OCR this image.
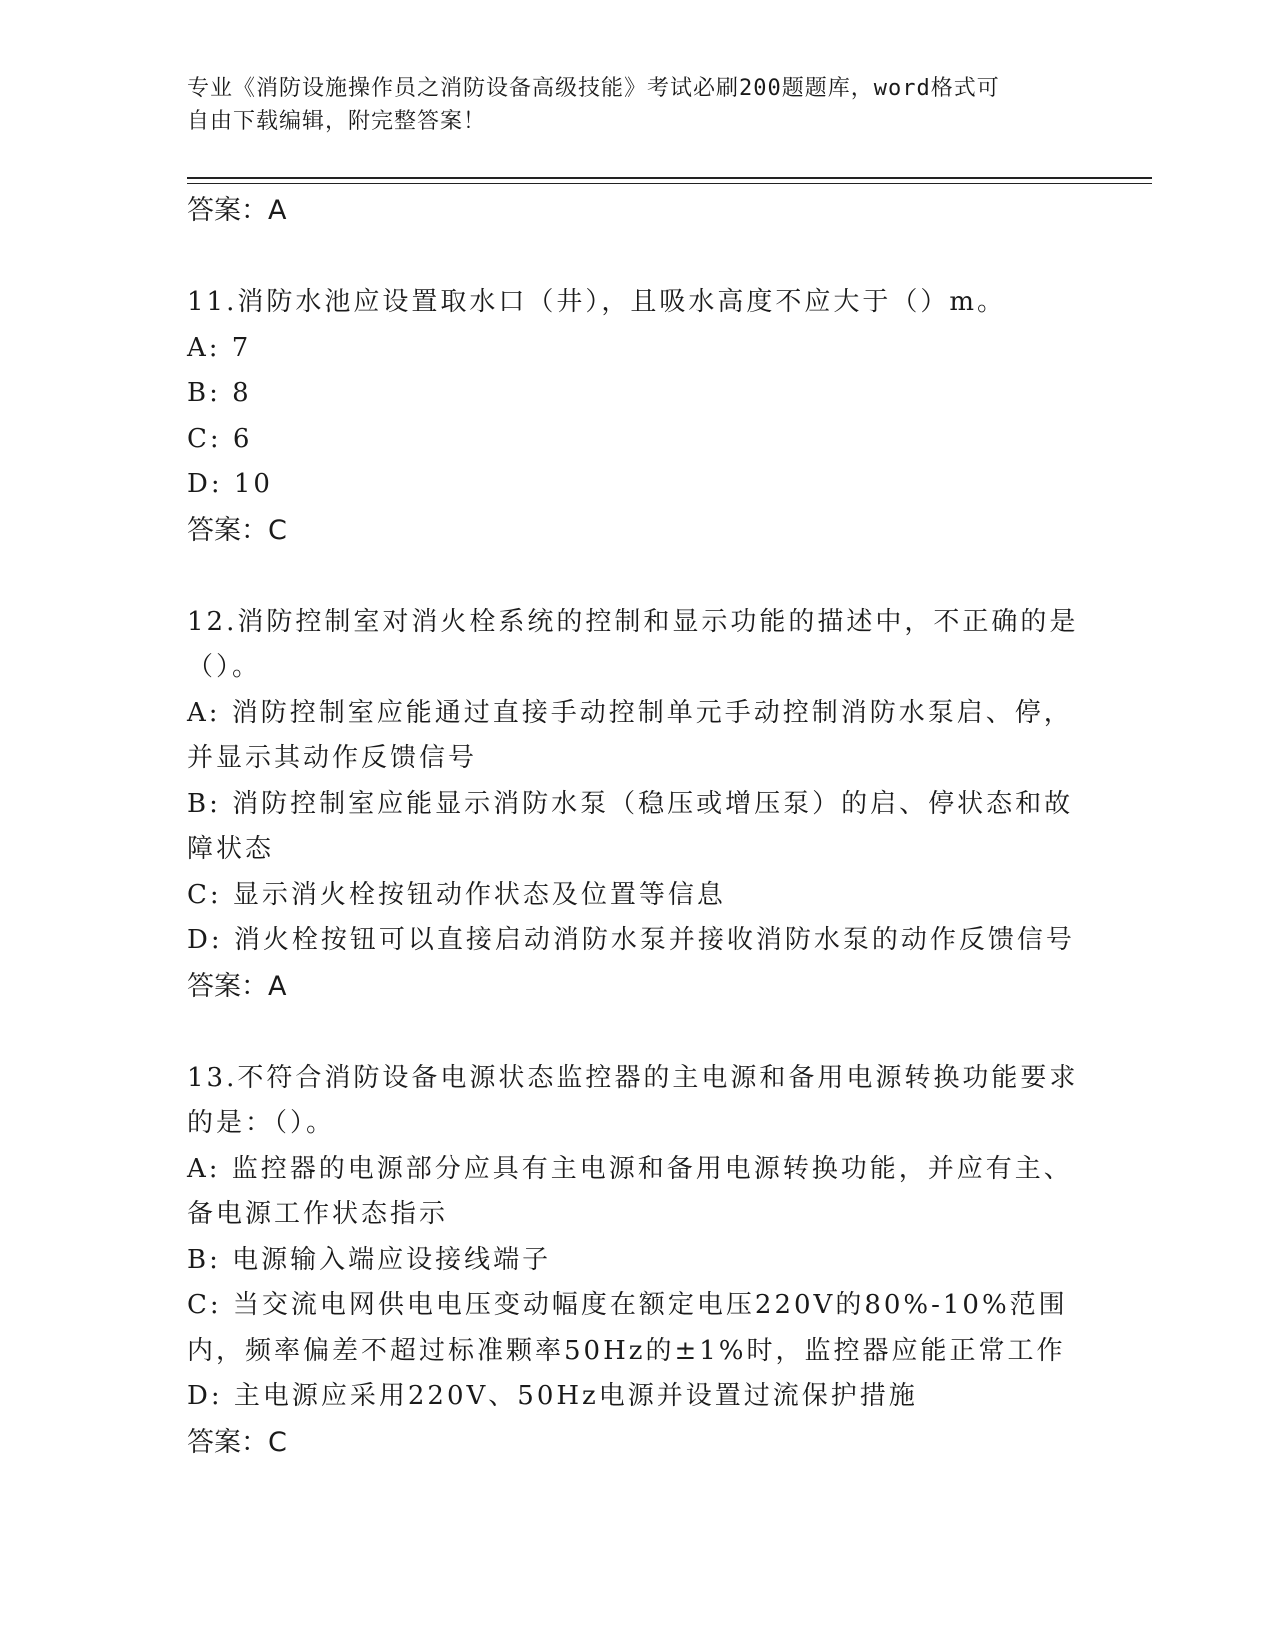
专业《消防设施操作员之消防设备高级技能》考试必刷200题题库，word格式可
自由下载编辑，附完整答案！
答案：A
11.消防水池应设置取水口（井），且吸水高度不应大于（）m。
A: 7
B: 8
C: 6
D: 10
答案：C
12.消防控制室对消火栓系统的控制和显示功能的描述中，不正确的是（）。
A: 消防控制室应能通过直接手动控制单元手动控制消防水泵启、停，并显示其动作反馈信号
B: 消防控制室应能显示消防水泵（稳压或增压泵）的启、停状态和故障状态
C: 显示消火栓按钮动作状态及位置等信息
D: 消火栓按钮可以直接启动消防水泵并接收消防水泵的动作反馈信号
答案：A
13.不符合消防设备电源状态监控器的主电源和备用电源转换功能要求的是：（）。
A: 监控器的电源部分应具有主电源和备用电源转换功能，并应有主、备电源工作状态指示
B: 电源输入端应设接线端子
C: 当交流电网供电电压变动幅度在额定电压220V的80%-10%范围内，频率偏差不超过标准颗率50Hz的±1%时，监控器应能正常工作
D: 主电源应采用220V、50Hz电源并设置过流保护措施
答案：C
